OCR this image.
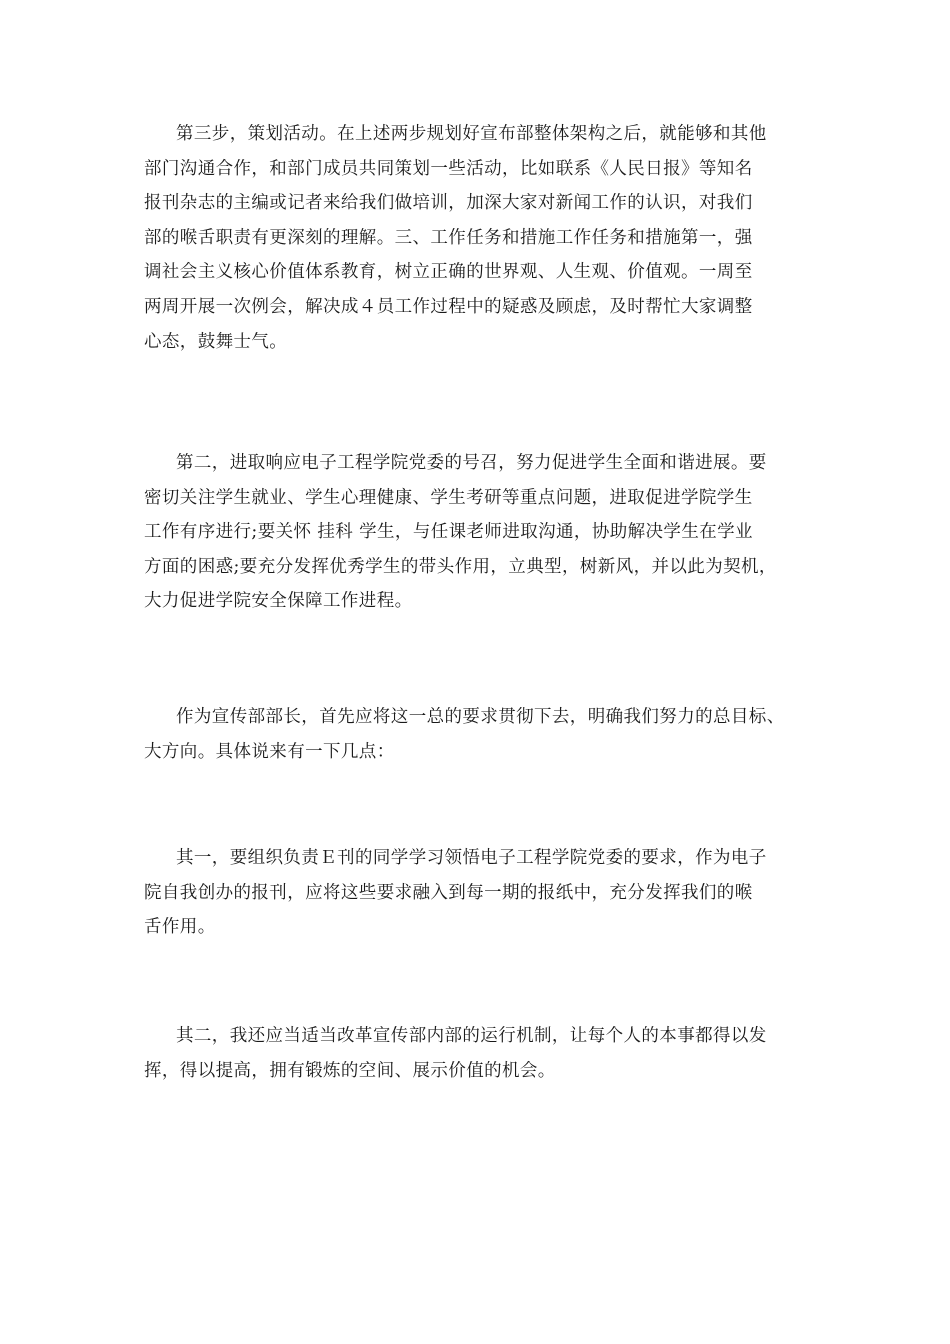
第三步，策划活动。在上述两步规划好宣布部整体架构之后，就能够和其他
部门沟通合作，和部门成员共同策划一些活动，比如联系《人民日报》等知名
报刊杂志的主编或记者来给我们做培训，加深大家对新闻工作的认识，对我们
部的喉舌职责有更深刻的理解。三、工作任务和措施工作任务和措施第一，强
调社会主义核心价值体系教育，树立正确的世界观、人生观、价值观。一周至
两周开展一次例会，解决成４员工作过程中的疑惑及顾虑，及时帮忙大家调整
心态，鼓舞士气。
第二，进取响应电子工程学院党委的号召，努力促进学生全面和谐进展。要
密切关注学生就业、学生心理健康、学生考研等重点问题，进取促进学院学生
工作有序进行;要关怀 挂科 学生，与任课老师进取沟通，协助解决学生在学业
方面的困惑;要充分发挥优秀学生的带头作用，立典型，树新风，并以此为契机，
大力促进学院安全保障工作进程。
作为宣传部部长，首先应将这一总的要求贯彻下去，明确我们努力的总目标、
大方向。具体说来有一下几点：
其一，要组织负责Ｅ刊的同学学习领悟电子工程学院党委的要求，作为电子
院自我创办的报刊，应将这些要求融入到每一期的报纸中，充分发挥我们的喉
舌作用。
其二，我还应当适当改革宣传部内部的运行机制，让每个人的本事都得以发
挥，得以提高，拥有锻炼的空间、展示价值的机会。
